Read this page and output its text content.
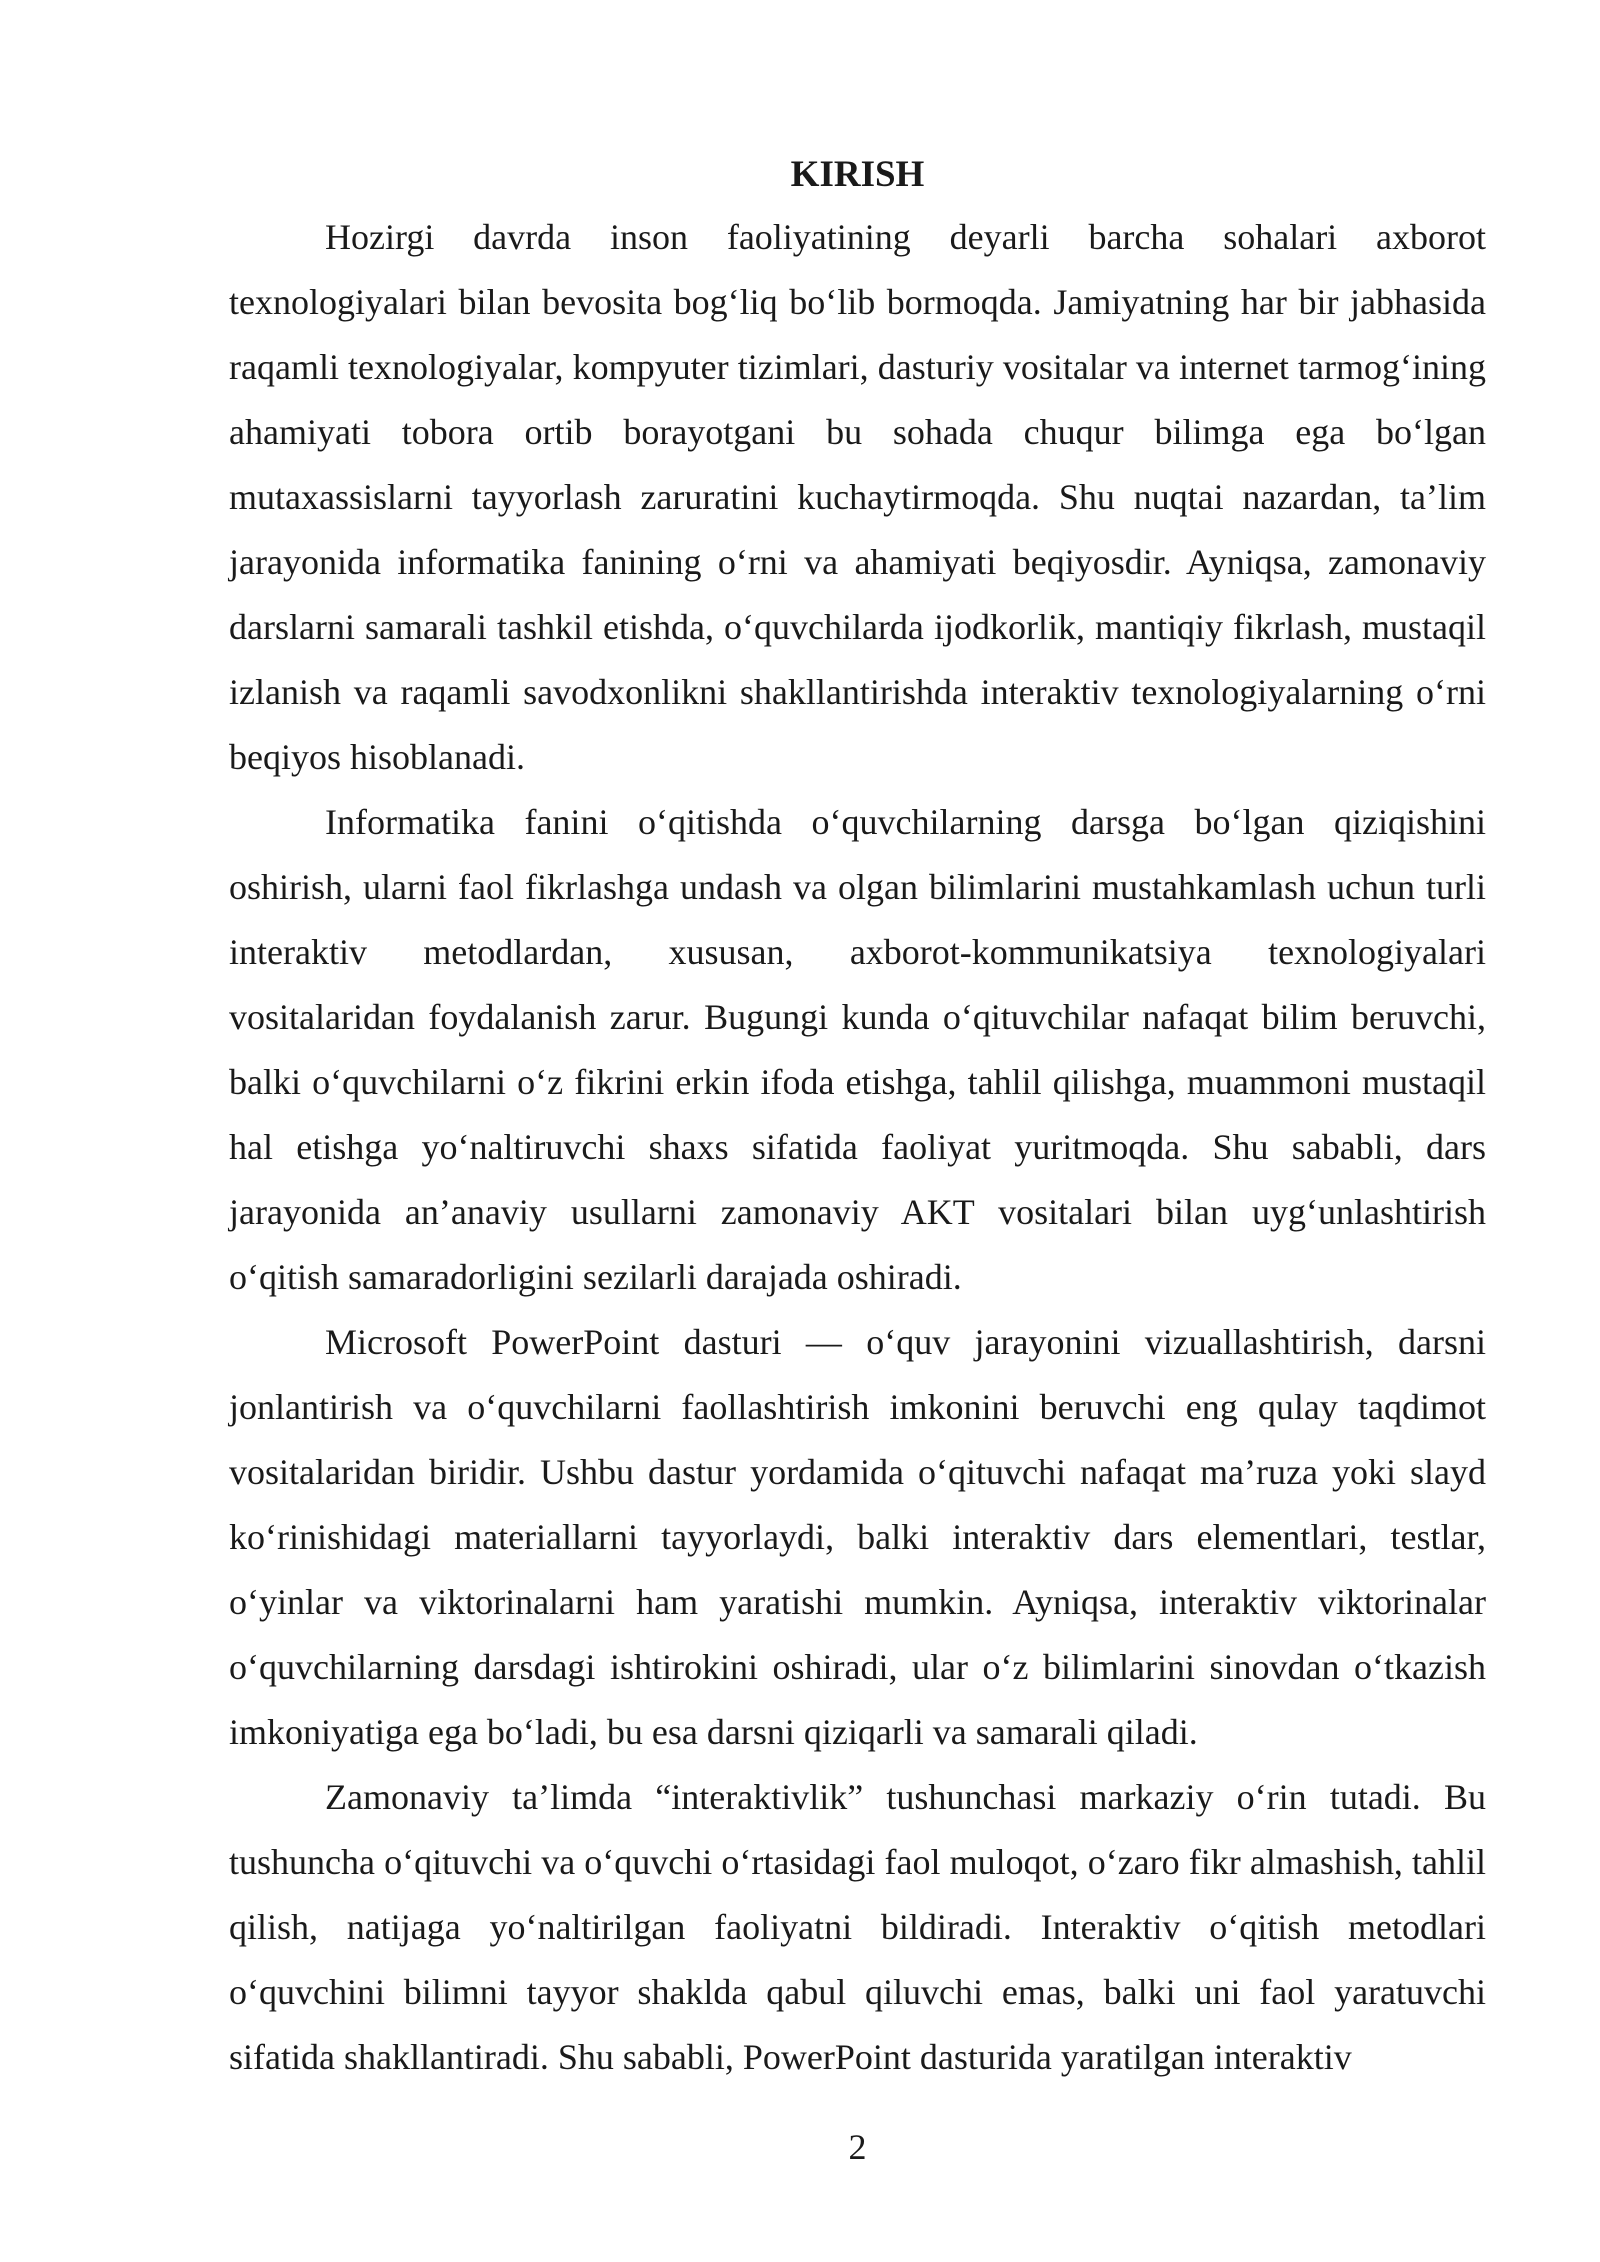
KIRISH

Hozirgi davrda inson faoliyatining deyarli barcha sohalari axborot texnologiyalari bilan bevosita bog‘liq bo‘lib bormoqda. Jamiyatning har bir jabhasida raqamli texnologiyalar, kompyuter tizimlari, dasturiy vositalar va internet tarmog‘ining ahamiyati tobora ortib borayotgani bu sohada chuqur bilimga ega bo‘lgan mutaxassislarni tayyorlash zaruratini kuchaytirmoqda. Shu nuqtai nazardan, ta’lim jarayonida informatika fanining o‘rni va ahamiyati beqiyosdir. Ayniqsa, zamonaviy darslarni samarali tashkil etishda, o‘quvchilarda ijodkorlik, mantiqiy fikrlash, mustaqil izlanish va raqamli savodxonlikni shakllantirishda interaktiv texnologiyalarning o‘rni beqiyos hisoblanadi.

Informatika fanini o‘qitishda o‘quvchilarning darsga bo‘lgan qiziqishini oshirish, ularni faol fikrlashga undash va olgan bilimlarini mustahkamlash uchun turli interaktiv metodlardan, xususan, axborot-kommunikatsiya texnologiyalari vositalaridan foydalanish zarur. Bugungi kunda o‘qituvchilar nafaqat bilim beruvchi, balki o‘quvchilarni o‘z fikrini erkin ifoda etishga, tahlil qilishga, muammoni mustaqil hal etishga yo‘naltiruvchi shaxs sifatida faoliyat yuritmoqda. Shu sababli, dars jarayonida an’anaviy usullarni zamonaviy AKT vositalari bilan uyg‘unlashtirish o‘qitish samaradorligini sezilarli darajada oshiradi.

Microsoft PowerPoint dasturi — o‘quv jarayonini vizuallashtirish, darsni jonlantirish va o‘quvchilarni faollashtirish imkonini beruvchi eng qulay taqdimot vositalaridan biridir. Ushbu dastur yordamida o‘qituvchi nafaqat ma’ruza yoki slayd ko‘rinishidagi materiallarni tayyorlaydi, balki interaktiv dars elementlari, testlar, o‘yinlar va viktorinalarni ham yaratishi mumkin. Ayniqsa, interaktiv viktorinalar o‘quvchilarning darsdagi ishtirokini oshiradi, ular o‘z bilimlarini sinovdan o‘tkazish imkoniyatiga ega bo‘ladi, bu esa darsni qiziqarli va samarali qiladi.

Zamonaviy ta’limda “interaktivlik” tushunchasi markaziy o‘rin tutadi. Bu tushuncha o‘qituvchi va o‘quvchi o‘rtasidagi faol muloqot, o‘zaro fikr almashish, tahlil qilish, natijaga yo‘naltirilgan faoliyatni bildiradi. Interaktiv o‘qitish metodlari o‘quvchini bilimni tayyor shaklda qabul qiluvchi emas, balki uni faol yaratuvchi sifatida shakllantiradi. Shu sababli, PowerPoint dasturida yaratilgan interaktiv

2
